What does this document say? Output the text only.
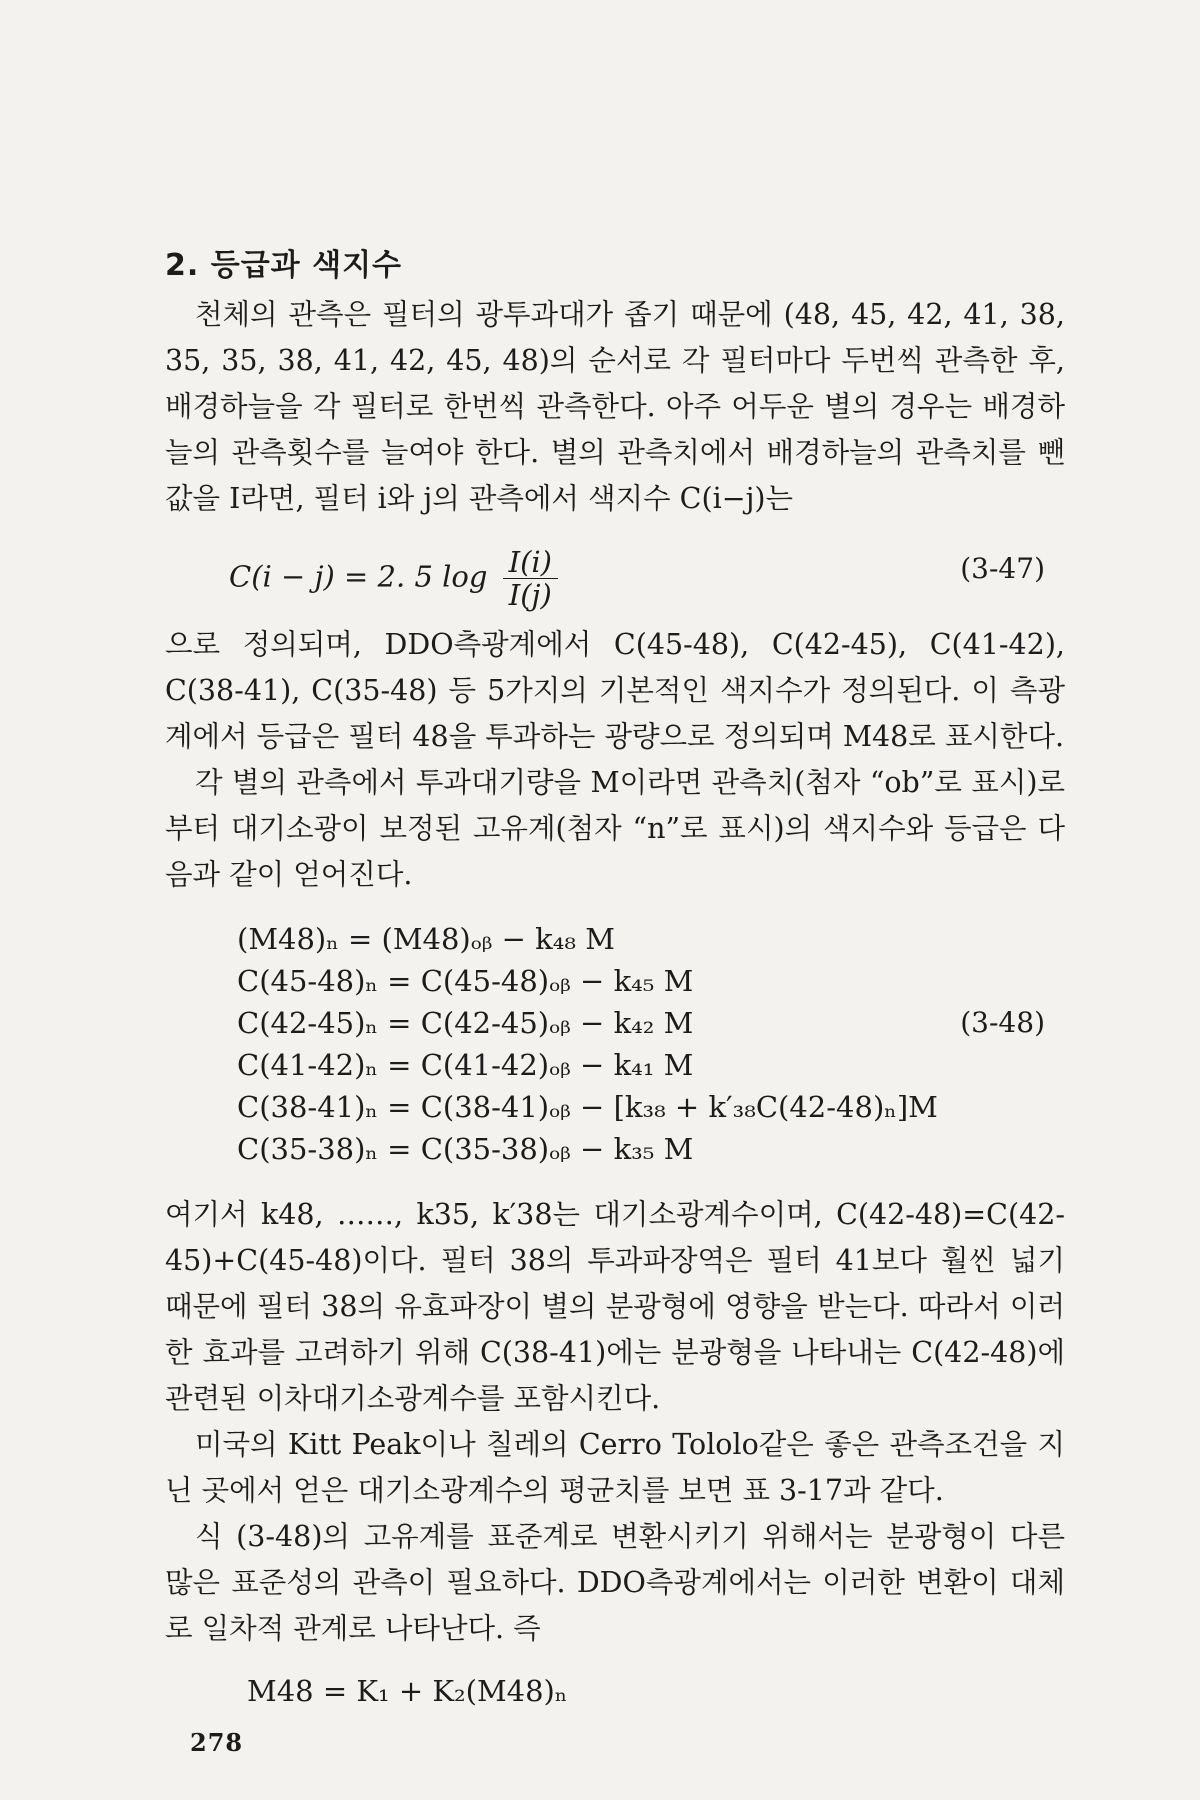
2. 등급과 색지수

천체의 관측은 필터의 광투과대가 좁기 때문에 (48, 45, 42, 41, 38, 35, 35, 38, 41, 42, 45, 48)의 순서로 각 필터마다 두번씩 관측한 후, 배경하늘을 각 필터로 한번씩 관측한다. 아주 어두운 별의 경우는 배경하늘의 관측횟수를 늘여야 한다. 별의 관측치에서 배경하늘의 관측치를 뺀 값을 I라면, 필터 i와 j의 관측에서 색지수 C(i−j)는

C(i − j) = 2. 5 $\log \frac{I(i)}{I(j)}$	(3-47)

으로 정의되며, DDO측광계에서 C(45-48), C(42-45), C(41-42), C(38-41), C(35-48) 등 5가지의 기본적인 색지수가 정의된다. 이 측광계에서 등급은 필터 48을 투과하는 광량으로 정의되며 M48로 표시한다.

각 별의 관측에서 투과대기량을 M이라면 관측치(첨자 “ob”로 표시)로부터 대기소광이 보정된 고유계(첨자 “n”로 표시)의 색지수와 등급은 다음과 같이 얻어진다.

(M48)ₙ = (M48)ₒᵦ − k₄₈ M
C(45-48)ₙ = C(45-48)ₒᵦ − k₄₅ M
C(42-45)ₙ = C(42-45)ₒᵦ − k₄₂ M
C(41-42)ₙ = C(41-42)ₒᵦ − k₄₁ M
C(38-41)ₙ = C(38-41)ₒᵦ − [k₃₈ + k′₃₈C(42-48)ₙ]M
C(35-38)ₙ = C(35-38)ₒᵦ − k₃₅ M
(3-48)

여기서 k48, ……, k35, k′38는 대기소광계수이며, C(42-48)=C(42-45)+C(45-48)이다. 필터 38의 투과파장역은 필터 41보다 훨씬 넓기 때문에 필터 38의 유효파장이 별의 분광형에 영향을 받는다. 따라서 이러한 효과를 고려하기 위해 C(38-41)에는 분광형을 나타내는 C(42-48)에 관련된 이차대기소광계수를 포함시킨다.

미국의 Kitt Peak이나 칠레의 Cerro Tololo같은 좋은 관측조건을 지닌 곳에서 얻은 대기소광계수의 평균치를 보면 표 3-17과 같다.

식 (3-48)의 고유계를 표준계로 변환시키기 위해서는 분광형이 다른 많은 표준성의 관측이 필요하다. DDO측광계에서는 이러한 변환이 대체로 일차적 관계로 나타난다. 즉

M48 = K₁ + K₂(M48)ₙ
278
